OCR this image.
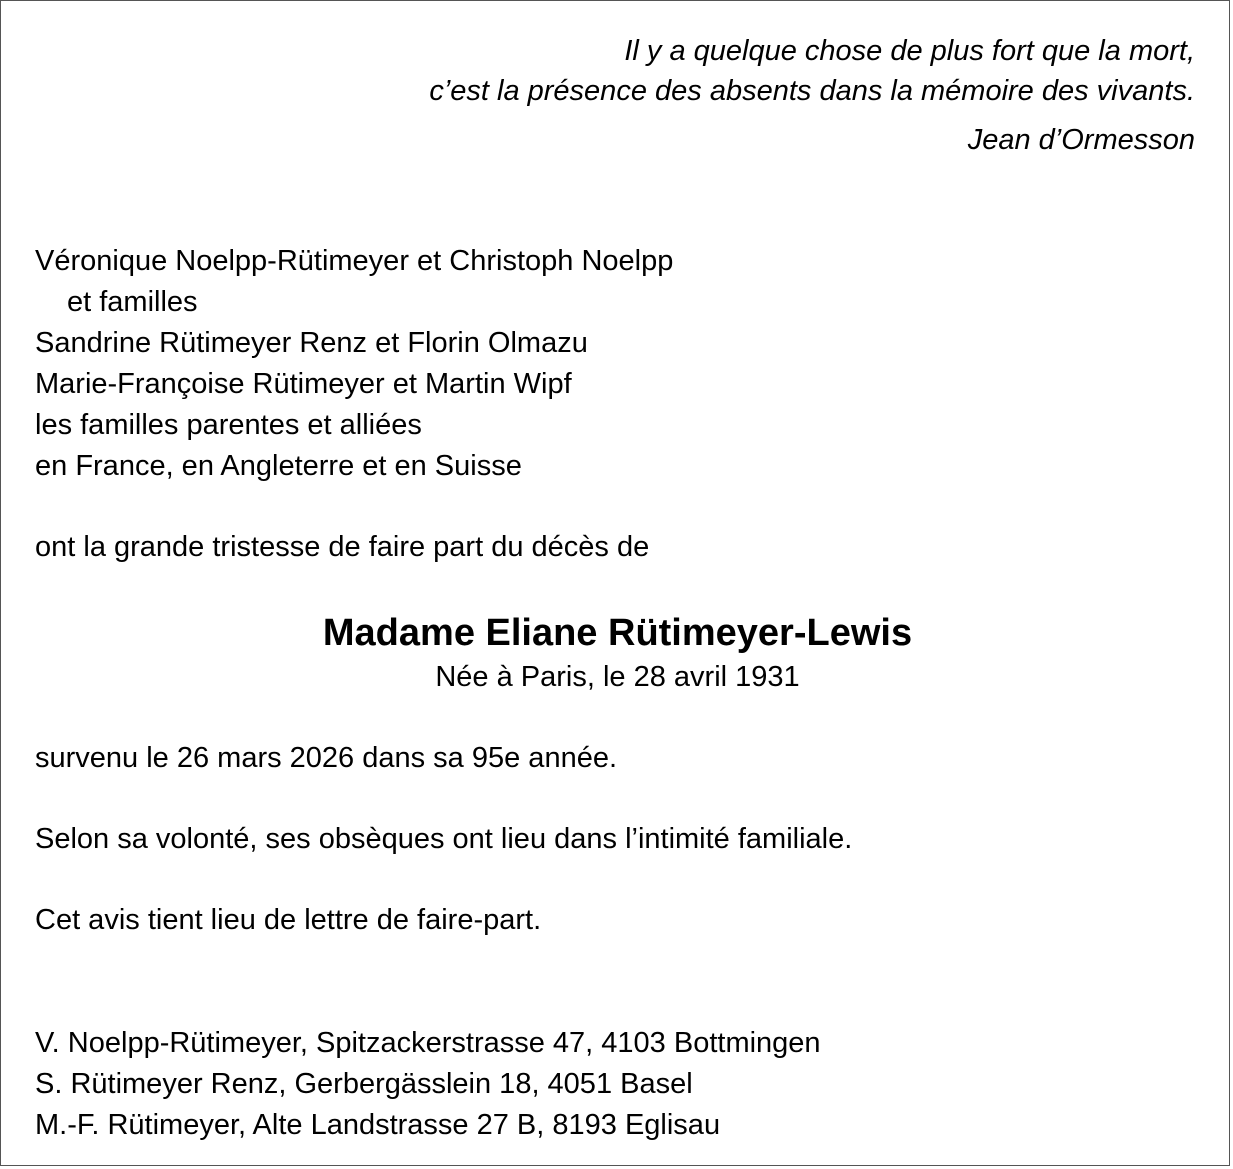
Il y a quelque chose de plus fort que la mort,
c’est la présence des absents dans la mémoire des vivants.
Jean d’Ormesson
Véronique Noelpp-Rütimeyer et Christoph Noelpp
et familles
Sandrine Rütimeyer Renz et Florin Olmazu
Marie-Françoise Rütimeyer et Martin Wipf
les familles parentes et alliées
en France, en Angleterre et en Suisse
ont la grande tristesse de faire part du décès de
Madame Eliane Rütimeyer-Lewis
Née à Paris, le 28 avril 1931
survenu le 26 mars 2026 dans sa 95e année.
Selon sa volonté, ses obsèques ont lieu dans l’intimité familiale.
Cet avis tient lieu de lettre de faire-part.
V. Noelpp-Rütimeyer, Spitzackerstrasse 47, 4103 Bottmingen
S. Rütimeyer Renz, Gerbergässlein 18, 4051 Basel
M.-F. Rütimeyer, Alte Landstrasse 27 B, 8193 Eglisau
